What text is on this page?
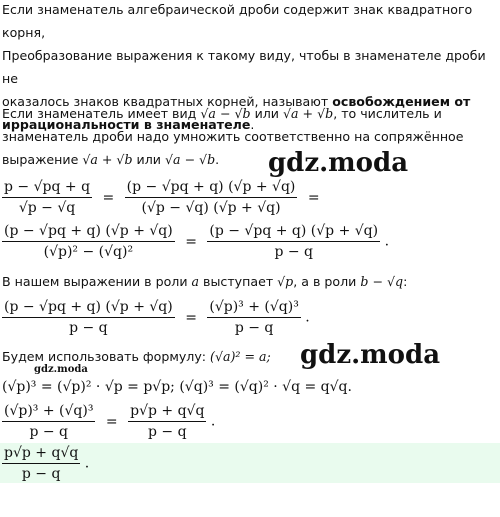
Если знаменатель алгебраической дроби содержит знак квадратного корня,
Преобразование выражения к такому виду, чтобы в знаменателе дроби не
оказалось знаков квадратных корней, называют освобождением от
иррациональности в знаменателе.
Если знаменатель имеет вид √a − √b или √a + √b, то числитель и
знаменатель дроби надо умножить соответственно на сопряжённое
выражение √a + √b или √a − √b.
$\frac{p - √pq + q}{√p - √q} = \frac{(p - √pq + q) (√p + √q)}{(√p - √q) (√p + √q)}$ =
$\frac{(p - √pq + q) (√p + √q)}{\text{(√p)² − (√q)²}} = \frac{(p - √pq + q) (√p + √q)}{p - q}$ .
В нашем выражении в роли a выступает √p, а в роли b − √q:
$\frac{(p - √pq + q) (√p + √q)}{p - q} = \frac{\text{(√p)³ + (√q)³}}{p - q}$ .
Будем использовать формулу: (√a)² = a;
(√p)³ = (√p)² · √p = p√p; (√q)³ = (√q)² · √q = q√q.
$\frac{\text{(√p)³ + (√q)³}}{p - q} = \frac{p√p + q√q}{p - q}$ .
$\frac{p√p + q√q}{p - q}$ .
gdz.moda
gdz.moda
gdz.moda
